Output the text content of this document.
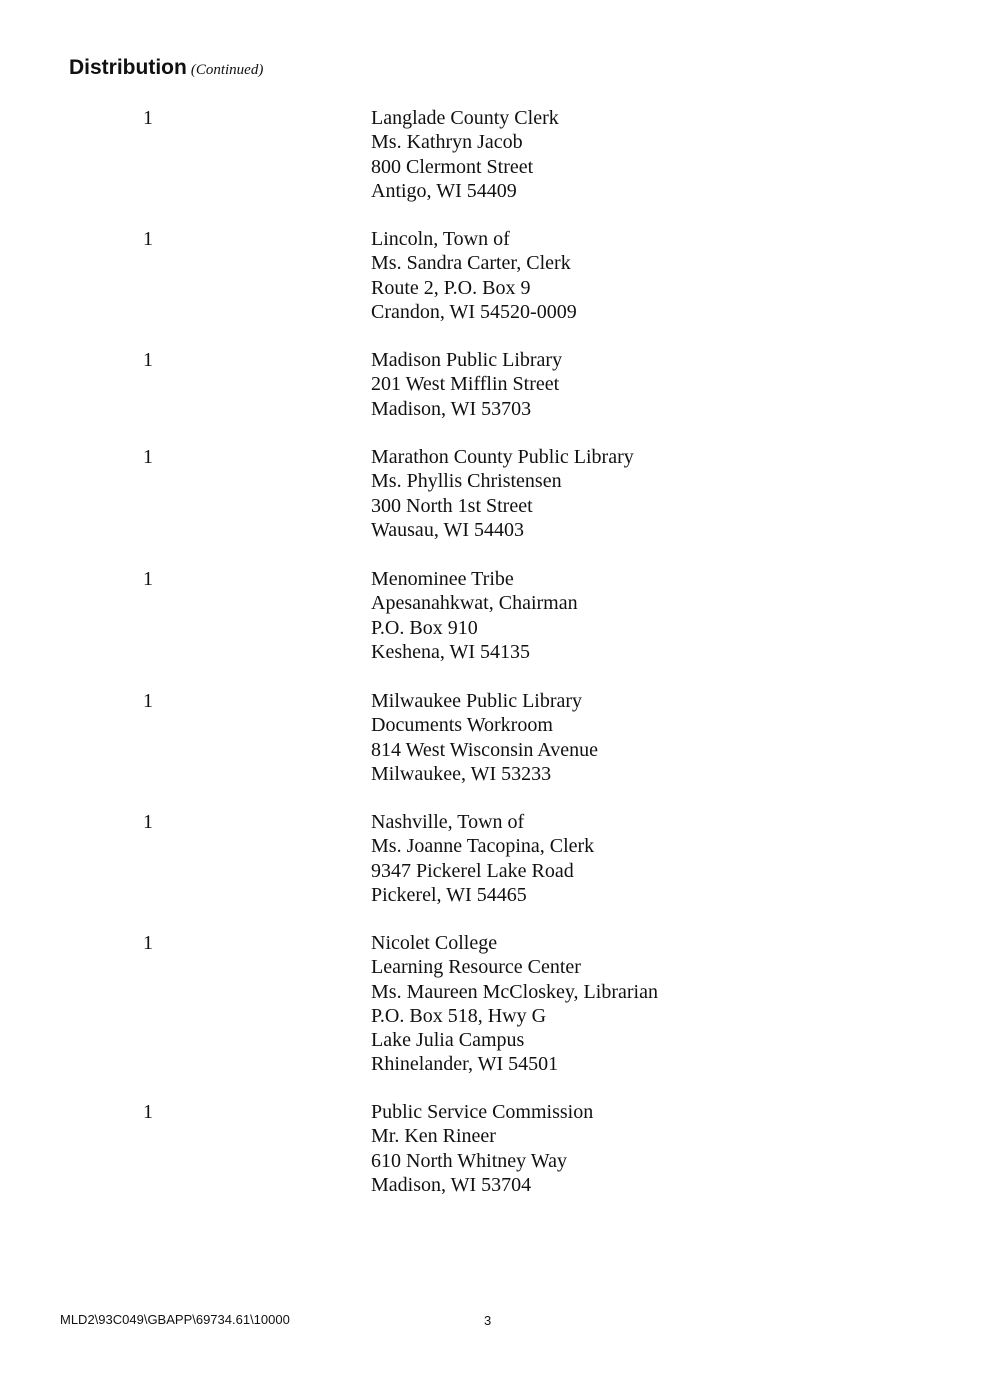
Distribution (Continued)
1	Langlade County Clerk
Ms. Kathryn Jacob
800 Clermont Street
Antigo, WI 54409
1	Lincoln, Town of
Ms. Sandra Carter, Clerk
Route 2, P.O. Box 9
Crandon, WI 54520-0009
1	Madison Public Library
201 West Mifflin Street
Madison, WI 53703
1	Marathon County Public Library
Ms. Phyllis Christensen
300 North 1st Street
Wausau, WI 54403
1	Menominee Tribe
Apesanahkwat, Chairman
P.O. Box 910
Keshena, WI 54135
1	Milwaukee Public Library
Documents Workroom
814 West Wisconsin Avenue
Milwaukee, WI 53233
1	Nashville, Town of
Ms. Joanne Tacopina, Clerk
9347 Pickerel Lake Road
Pickerel, WI 54465
1	Nicolet College
Learning Resource Center
Ms. Maureen McCloskey, Librarian
P.O. Box 518, Hwy G
Lake Julia Campus
Rhinelander, WI 54501
1	Public Service Commission
Mr. Ken Rineer
610 North Whitney Way
Madison, WI 53704
MLD2\93C049\GBAPP\69734.61\10000	3
